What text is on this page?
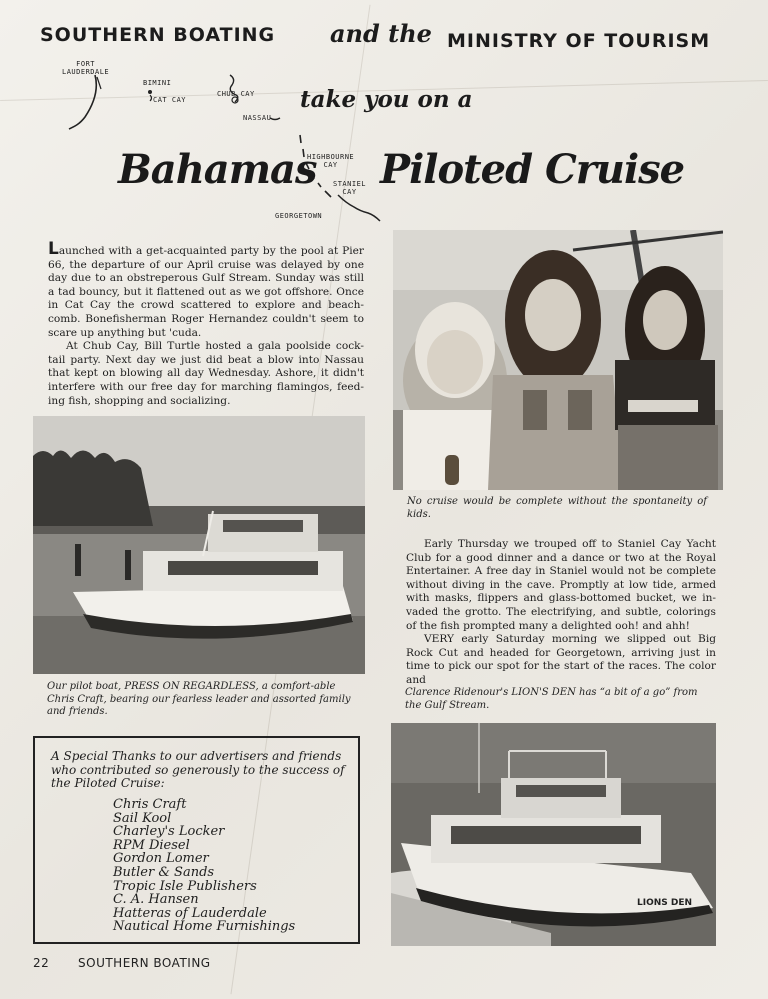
SOUTHERN BOATING and the MINISTRY OF TOURISM
FORT
LAUDERDALE
BIMINI
CAT CAY
CHUB CAY
NASSAU
HIGHBOURNE
CAY
STANIEL
CAY
GEORGETOWN
take you on a
Bahamas Piloted Cruise

Launched with a get-acquainted party by the pool at Pier 66, the departure of our April cruise was delayed by one day due to an obstreperous Gulf Stream. Sunday was still a tad bouncy, but it flattened out as we got offshore. Once in Cat Cay the crowd scattered to explore and beach-comb. Bonefisherman Roger Hernandez couldn't seem to scare up anything but 'cuda.

At Chub Cay, Bill Turtle hosted a gala poolside cock-tail party. Next day we just did beat a blow into Nassau that kept on blowing all day Wednesday. Ashore, it didn't interfere with our free day for marching flamingos, feed-ing fish, shopping and socializing.

No cruise would be complete without the spontaneity of kids.

Early Thursday we trouped off to Staniel Cay Yacht Club for a good dinner and a dance or two at the Royal Entertainer. A free day in Staniel would not be complete without diving in the cave. Promptly at low tide, armed with masks, flippers and glass-bottomed bucket, we in-vaded the grotto. The electrifying, and subtle, colorings of the fish prompted many a delighted ooh! and ahh!

VERY early Saturday morning we slipped out Big Rock Cut and headed for Georgetown, arriving just in time to pick our spot for the start of the races. The color and

Our pilot boat, PRESS ON REGARDLESS, a comfort-able Chris Craft, bearing our fearless leader and assorted family and friends.
Clarence Ridenour's LION'S DEN has “a bit of a go” from the Gulf Stream.
LIONS DEN
A Special Thanks to our advertisers and friends who contributed so generously to the success of the Piloted Cruise:
Chris Craft
Sail Kool
Charley's Locker
RPM Diesel
Gordon Lomer
Butler & Sands
Tropic Isle Publishers
C. A. Hansen
Hatteras of Lauderdale
Nautical Home Furnishings
22 SOUTHERN BOATING
